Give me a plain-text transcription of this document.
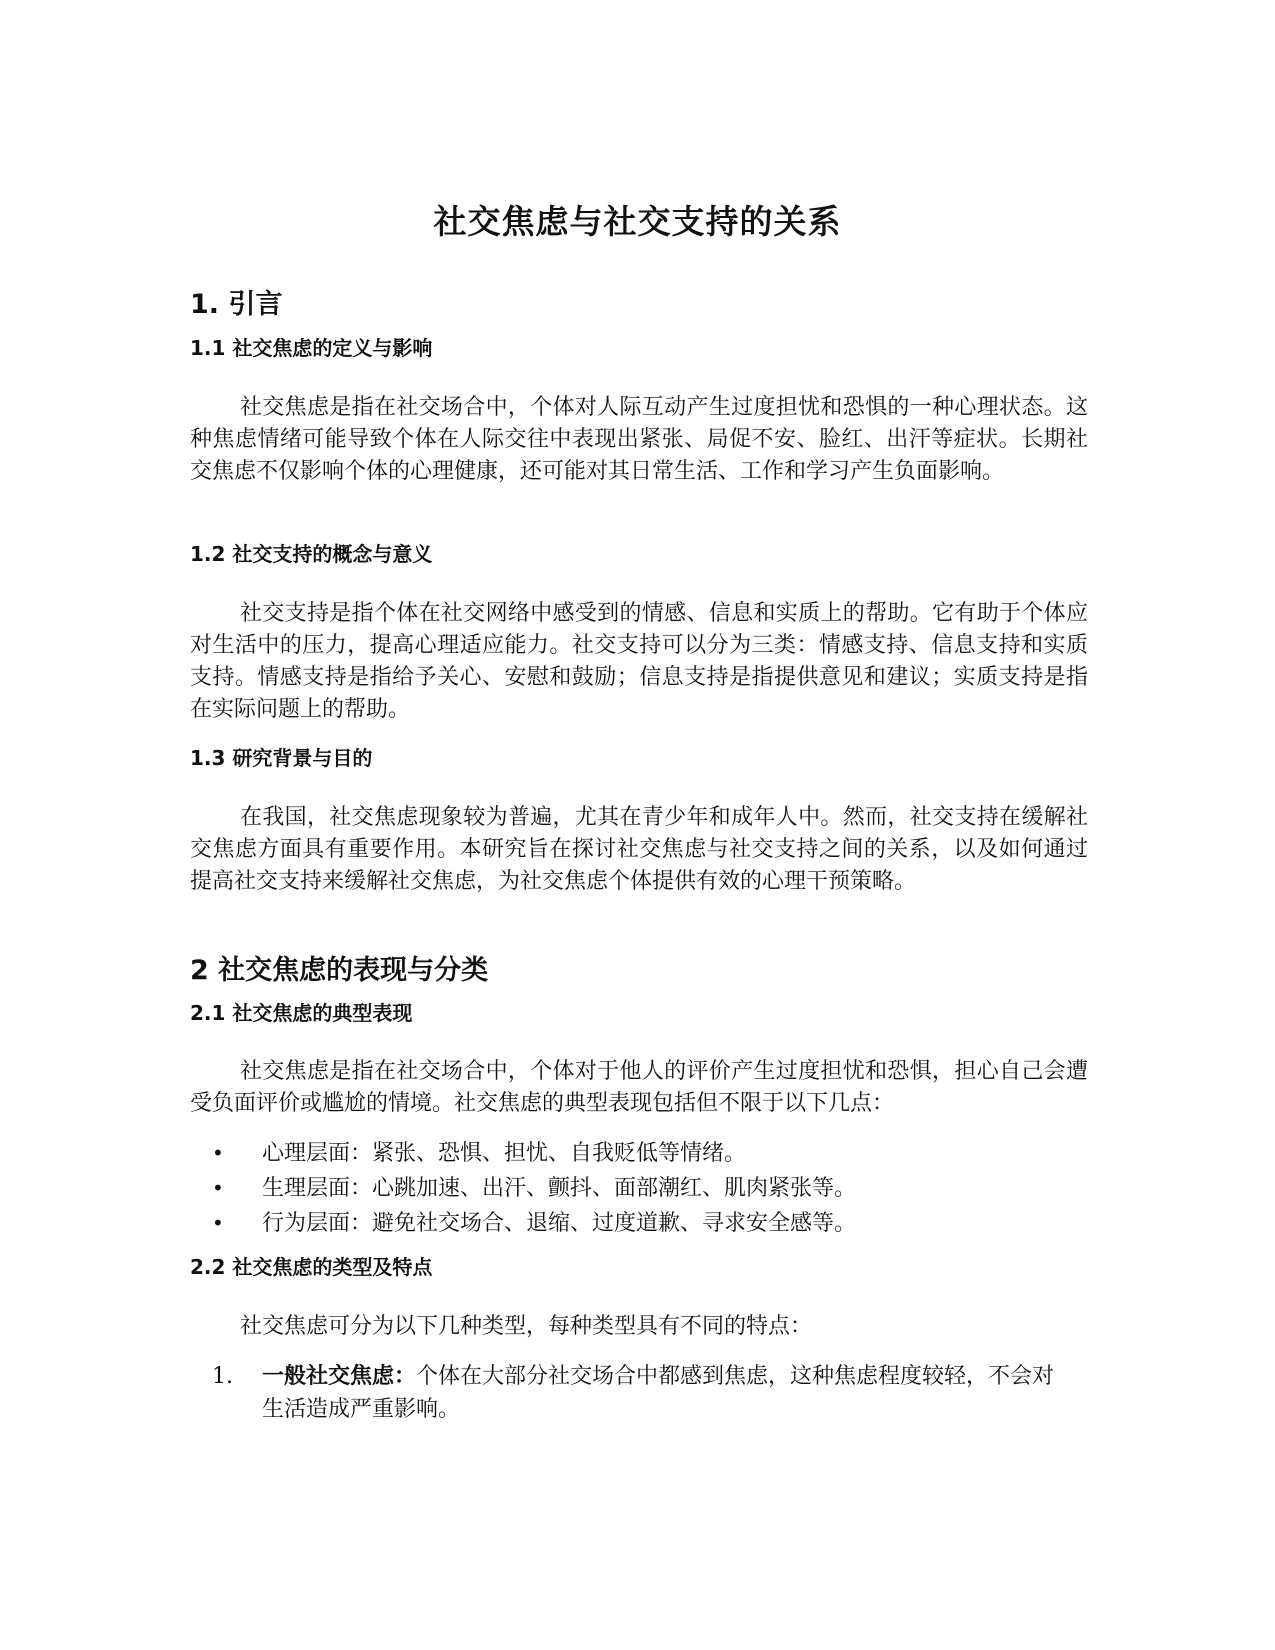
社交焦虑与社交支持的关系
1. 引言
1.1 社交焦虑的定义与影响

社交焦虑是指在社交场合中，个体对人际互动产生过度担忧和恐惧的一种心理状态。这种焦虑情绪可能导致个体在人际交往中表现出紧张、局促不安、脸红、出汗等症状。长期社交焦虑不仅影响个体的心理健康，还可能对其日常生活、工作和学习产生负面影响。

1.2 社交支持的概念与意义

社交支持是指个体在社交网络中感受到的情感、信息和实质上的帮助。它有助于个体应对生活中的压力，提高心理适应能力。社交支持可以分为三类：情感支持、信息支持和实质支持。情感支持是指给予关心、安慰和鼓励；信息支持是指提供意见和建议；实质支持是指在实际问题上的帮助。

1.3 研究背景与目的

在我国，社交焦虑现象较为普遍，尤其在青少年和成年人中。然而，社交支持在缓解社交焦虑方面具有重要作用。本研究旨在探讨社交焦虑与社交支持之间的关系，以及如何通过提高社交支持来缓解社交焦虑，为社交焦虑个体提供有效的心理干预策略。

2 社交焦虑的表现与分类
2.1 社交焦虑的典型表现

社交焦虑是指在社交场合中，个体对于他人的评价产生过度担忧和恐惧，担心自己会遭受负面评价或尴尬的情境。社交焦虑的典型表现包括但不限于以下几点：

• 心理层面：紧张、恐惧、担忧、自我贬低等情绪。
• 生理层面：心跳加速、出汗、颤抖、面部潮红、肌肉紧张等。
• 行为层面：避免社交场合、退缩、过度道歉、寻求安全感等。
2.2 社交焦虑的类型及特点

社交焦虑可分为以下几种类型，每种类型具有不同的特点：

1. 一般社交焦虑：个体在大部分社交场合中都感到焦虑，这种焦虑程度较轻，不会对生活造成严重影响。
